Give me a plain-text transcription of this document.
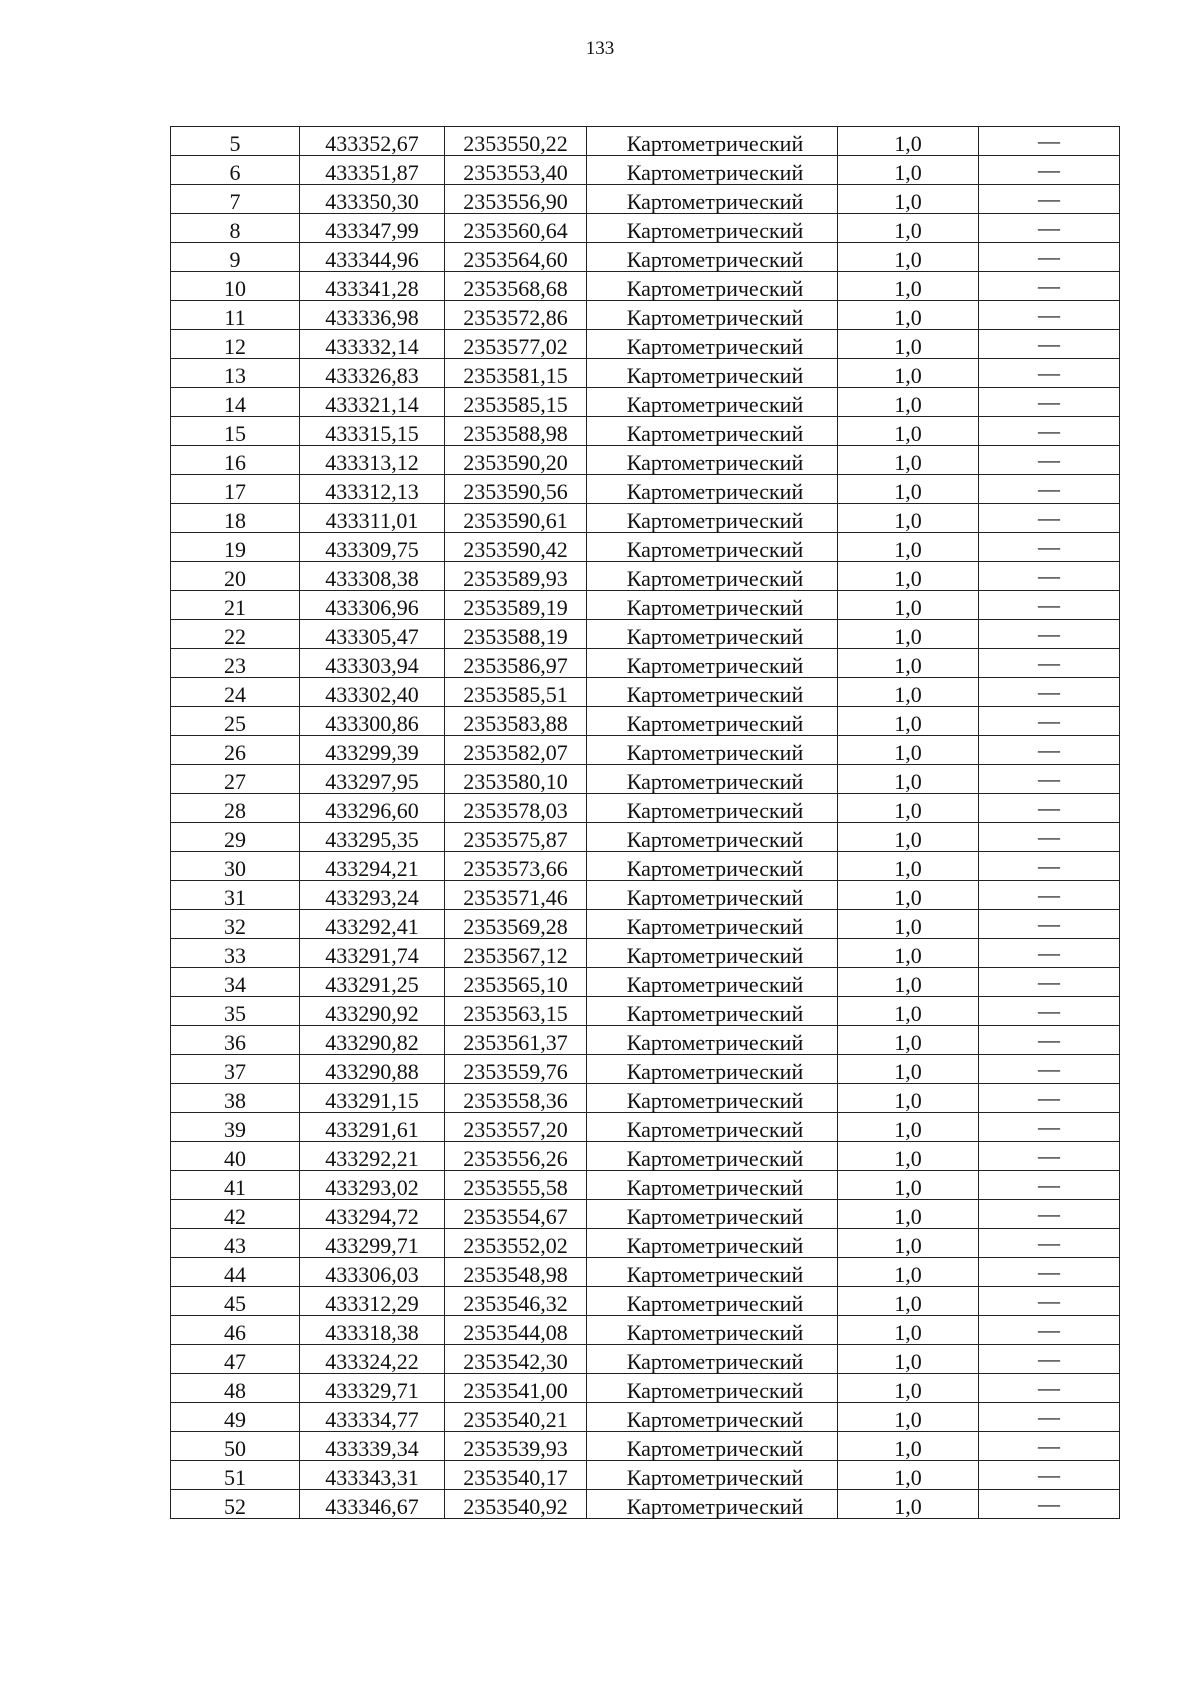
133
5	433352,67	2353550,22	Картометрический	1,0	—
6	433351,87	2353553,40	Картометрический	1,0	—
7	433350,30	2353556,90	Картометрический	1,0	—
8	433347,99	2353560,64	Картометрический	1,0	—
9	433344,96	2353564,60	Картометрический	1,0	—
10	433341,28	2353568,68	Картометрический	1,0	—
11	433336,98	2353572,86	Картометрический	1,0	—
12	433332,14	2353577,02	Картометрический	1,0	—
13	433326,83	2353581,15	Картометрический	1,0	—
14	433321,14	2353585,15	Картометрический	1,0	—
15	433315,15	2353588,98	Картометрический	1,0	—
16	433313,12	2353590,20	Картометрический	1,0	—
17	433312,13	2353590,56	Картометрический	1,0	—
18	433311,01	2353590,61	Картометрический	1,0	—
19	433309,75	2353590,42	Картометрический	1,0	—
20	433308,38	2353589,93	Картометрический	1,0	—
21	433306,96	2353589,19	Картометрический	1,0	—
22	433305,47	2353588,19	Картометрический	1,0	—
23	433303,94	2353586,97	Картометрический	1,0	—
24	433302,40	2353585,51	Картометрический	1,0	—
25	433300,86	2353583,88	Картометрический	1,0	—
26	433299,39	2353582,07	Картометрический	1,0	—
27	433297,95	2353580,10	Картометрический	1,0	—
28	433296,60	2353578,03	Картометрический	1,0	—
29	433295,35	2353575,87	Картометрический	1,0	—
30	433294,21	2353573,66	Картометрический	1,0	—
31	433293,24	2353571,46	Картометрический	1,0	—
32	433292,41	2353569,28	Картометрический	1,0	—
33	433291,74	2353567,12	Картометрический	1,0	—
34	433291,25	2353565,10	Картометрический	1,0	—
35	433290,92	2353563,15	Картометрический	1,0	—
36	433290,82	2353561,37	Картометрический	1,0	—
37	433290,88	2353559,76	Картометрический	1,0	—
38	433291,15	2353558,36	Картометрический	1,0	—
39	433291,61	2353557,20	Картометрический	1,0	—
40	433292,21	2353556,26	Картометрический	1,0	—
41	433293,02	2353555,58	Картометрический	1,0	—
42	433294,72	2353554,67	Картометрический	1,0	—
43	433299,71	2353552,02	Картометрический	1,0	—
44	433306,03	2353548,98	Картометрический	1,0	—
45	433312,29	2353546,32	Картометрический	1,0	—
46	433318,38	2353544,08	Картометрический	1,0	—
47	433324,22	2353542,30	Картометрический	1,0	—
48	433329,71	2353541,00	Картометрический	1,0	—
49	433334,77	2353540,21	Картометрический	1,0	—
50	433339,34	2353539,93	Картометрический	1,0	—
51	433343,31	2353540,17	Картометрический	1,0	—
52	433346,67	2353540,92	Картометрический	1,0	—
